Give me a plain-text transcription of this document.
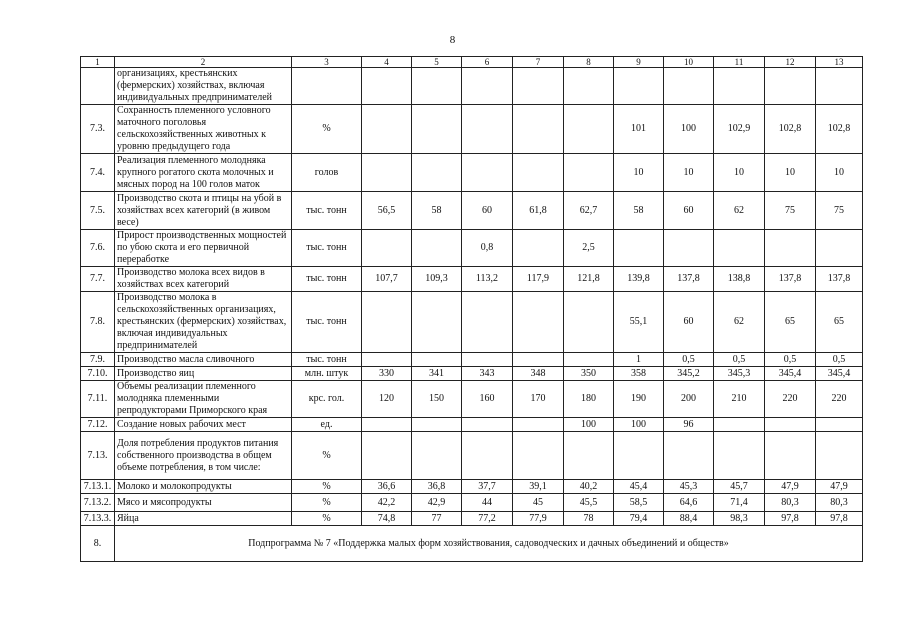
8
1	2	3	4	5	6	7	8	9	10	11	12	13
	организациях, крестьянских (фермерских) хозяйствах, включая индивидуальных предпринимателей											
7.3.	Сохранность племенного условного маточного поголовья сельскохозяйственных животных к уровню предыдущего года	%						101	100	102,9	102,8	102,8
7.4.	Реализация племенного молодняка крупного рогатого скота молочных и мясных пород на 100 голов маток	голов						10	10	10	10	10
7.5.	Производство скота и птицы на убой в хозяйствах всех категорий (в живом весе)	тыс. тонн	56,5	58	60	61,8	62,7	58	60	62	75	75
7.6.	Прирост производственных мощностей по убою скота и его первичной переработке	тыс. тонн			0,8		2,5					
7.7.	Производство молока всех видов в хозяйствах всех категорий	тыс. тонн	107,7	109,3	113,2	117,9	121,8	139,8	137,8	138,8	137,8	137,8
7.8.	Производство молока в сельскохозяйственных организациях, крестьянских (фермерских) хозяйствах, включая индивидуальных предпринимателей	тыс. тонн						55,1	60	62	65	65
7.9.	Производство масла сливочного	тыс. тонн						1	0,5	0,5	0,5	0,5
7.10.	Производство яиц	млн. штук	330	341	343	348	350	358	345,2	345,3	345,4	345,4
7.11.	Объемы реализации племенного молодняка племенными репродукторами Приморского края	крс. гол.	120	150	160	170	180	190	200	210	220	220
7.12.	Создание новых рабочих мест	ед.					100	100	96			
7.13.	Доля потребления продуктов питания собственного производства в общем объеме потребления, в том числе:	%										
7.13.1.	Молоко и молокопродукты	%	36,6	36,8	37,7	39,1	40,2	45,4	45,3	45,7	47,9	47,9
7.13.2.	Мясо и мясопродукты	%	42,2	42,9	44	45	45,5	58,5	64,6	71,4	80,3	80,3
7.13.3.	Яйца	%	74,8	77	77,2	77,9	78	79,4	88,4	98,3	97,8	97,8
8.	Подпрограмма № 7 «Поддержка малых форм хозяйствования, садоводческих и дачных объединений и обществ»											
